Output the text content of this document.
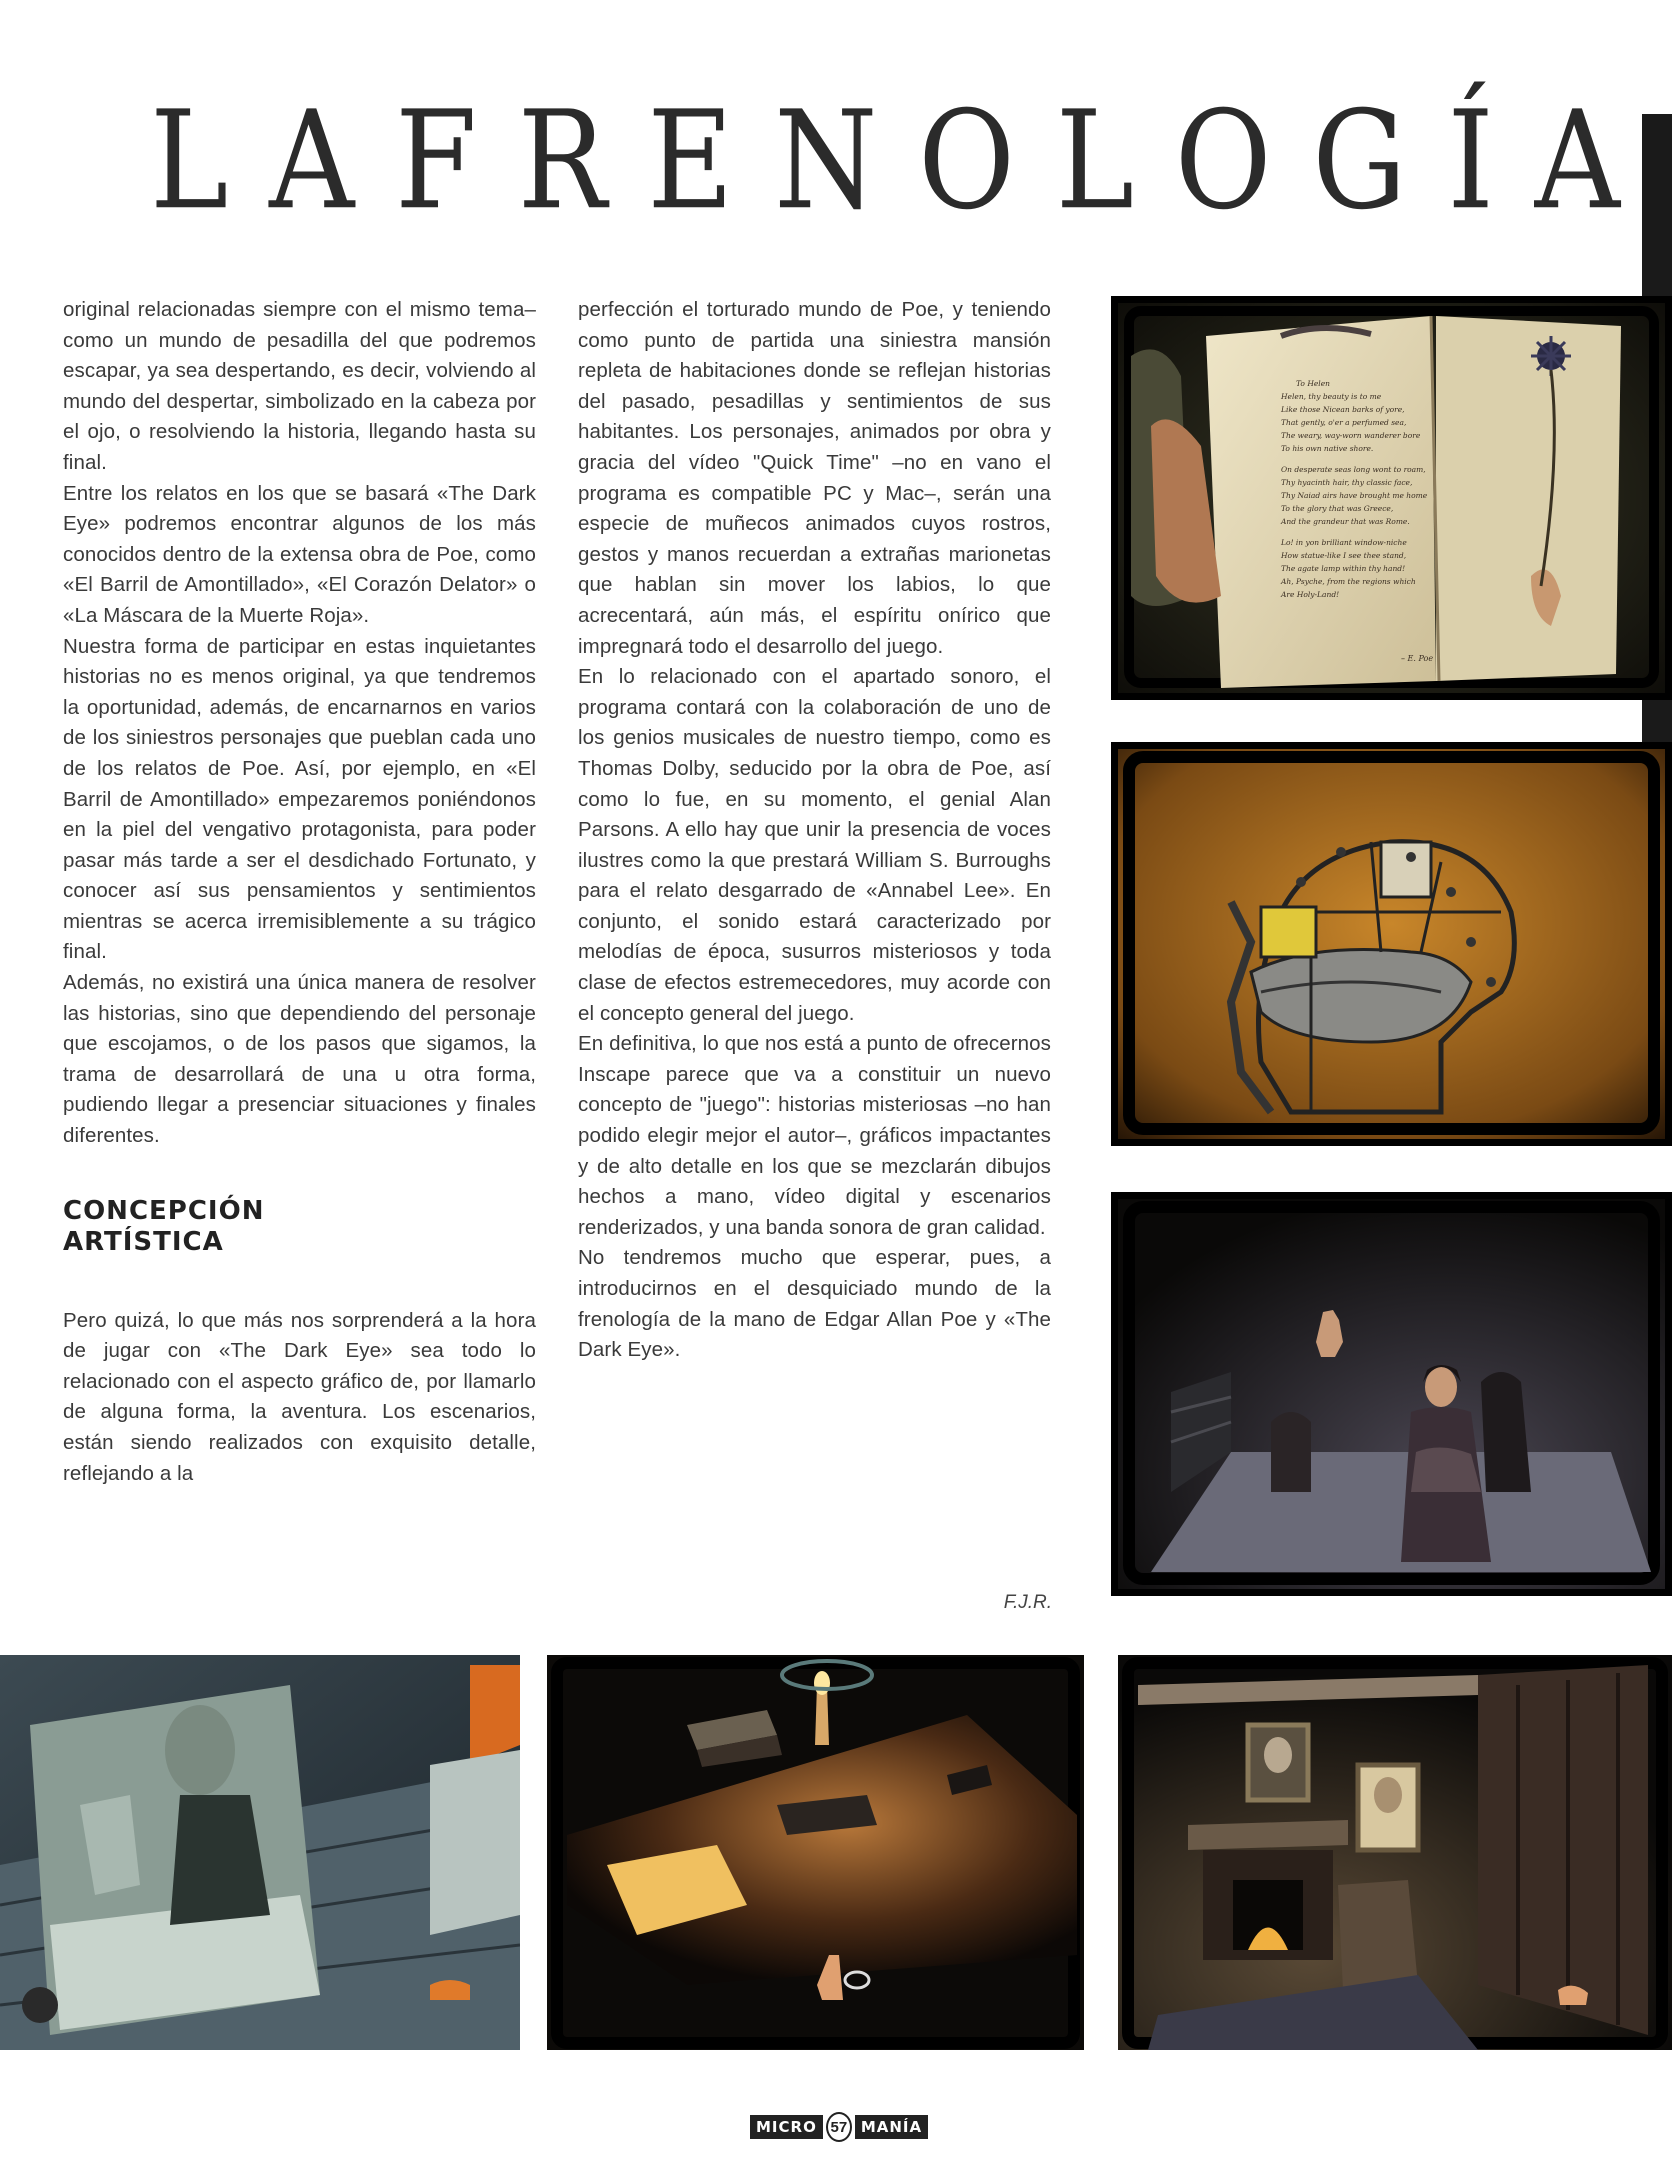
L A F R E N O L O G Í A

original relacionadas siempre con el mismo tema– como un mundo de pesadilla del que podremos escapar, ya sea despertando, es decir, volviendo al mundo del despertar, simbolizado en la cabeza por el ojo, o resolviendo la historia, llegando hasta su final.

Entre los relatos en los que se basará «The Dark Eye» podremos encontrar algunos de los más conocidos dentro de la extensa obra de Poe, como «El Barril de Amontillado», «El Corazón Delator» o «La Máscara de la Muerte Roja».

Nuestra forma de participar en estas inquietantes historias no es menos original, ya que tendremos la oportunidad, además, de encarnarnos en varios de los siniestros personajes que pueblan cada uno de los relatos de Poe. Así, por ejemplo, en «El Barril de Amontillado» empezaremos poniéndonos en la piel del vengativo protagonista, para poder pasar más tarde a ser el desdichado Fortunato, y conocer así sus pensamientos y sentimientos mientras se acerca irremisiblemente a su trágico final.

Además, no existirá una única manera de resolver las historias, sino que dependiendo del personaje que escojamos, o de los pasos que sigamos, la trama de desarrollará de una u otra forma, pudiendo llegar a presenciar situaciones y finales diferentes.

CONCEPCIÓN
ARTÍSTICA

Pero quizá, lo que más nos sorprenderá a la hora de jugar con «The Dark Eye» sea todo lo relacionado con el aspecto gráfico de, por llamarlo de alguna forma, la aventura. Los escenarios, están siendo realizados con exquisito detalle, reflejando a la

perfección el torturado mundo de Poe, y teniendo como punto de partida una siniestra mansión repleta de habitaciones donde se reflejan historias del pasado, pesadillas y sentimientos de sus habitantes. Los personajes, animados por obra y gracia del vídeo "Quick Time" –no en vano el programa es compatible PC y Mac–, serán una especie de muñecos animados cuyos rostros, gestos y manos recuerdan a extrañas marionetas que hablan sin mover los labios, lo que acrecentará, aún más, el espíritu onírico que impregnará todo el desarrollo del juego.

En lo relacionado con el apartado sonoro, el programa contará con la colaboración de uno de los genios musicales de nuestro tiempo, como es Thomas Dolby, seducido por la obra de Poe, así como lo fue, en su momento, el genial Alan Parsons. A ello hay que unir la presencia de voces ilustres como la que prestará William S. Burroughs para el relato desgarrado de «Annabel Lee». En conjunto, el sonido estará caracterizado por melodías de época, susurros misteriosos y toda clase de efectos estremecedores, muy acorde con el concepto general del juego.

En definitiva, lo que nos está a punto de ofrecernos Inscape parece que va a constituir un nuevo concepto de "juego": historias misteriosas –no han podido elegir mejor el autor–, gráficos impactantes y de alto detalle en los que se mezclarán dibujos hechos a mano, vídeo digital y escenarios renderizados, y una banda sonora de gran calidad.

No tendremos mucho que esperar, pues, a introducirnos en el desquiciado mundo de la frenología de la mano de Edgar Allan Poe y «The Dark Eye».

F.J.R.
To Helen
Helen, thy beauty is to me
Like those Nicean barks of yore,
That gently, o'er a perfumed sea,
The weary, way-worn wanderer bore
To his own native shore.
On desperate seas long wont to roam,
Thy hyacinth hair, thy classic face,
Thy Naiad airs have brought me home
To the glory that was Greece,
And the grandeur that was Rome.
Lo! in yon brilliant window-niche
How statue-like I see thee stand,
The agate lamp within thy hand!
Ah, Psyche, from the regions which
Are Holy-Land!
– E. Poe
MICRO 57 MANÍA
